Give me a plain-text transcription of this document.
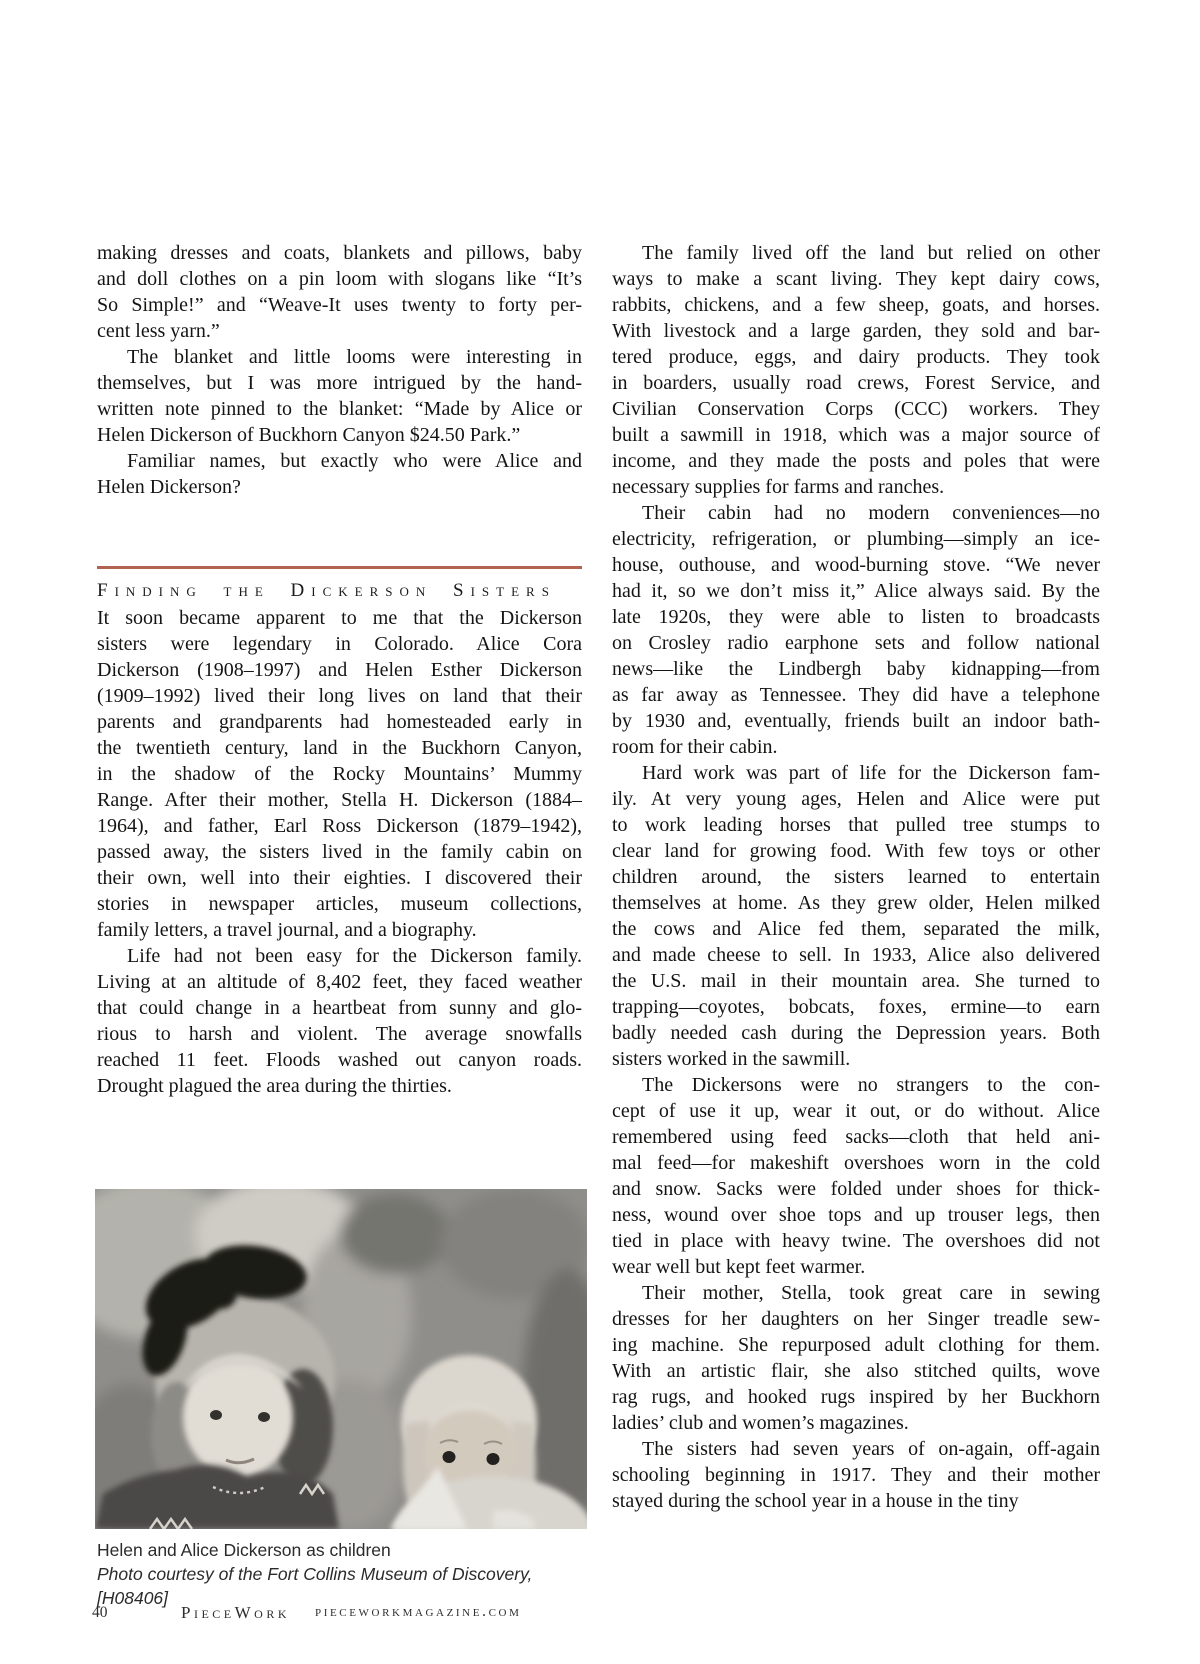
making dresses and coats, blankets and pillows, baby
and doll clothes on a pin loom with slogans like “It’s
So Simple!” and “Weave-It uses twenty to forty per-
cent less yarn.”
The blanket and little looms were interesting in
themselves, but I was more intrigued by the hand-
written note pinned to the blanket: “Made by Alice or
Helen Dickerson of Buckhorn Canyon $24.50 Park.”
Familiar names, but exactly who were Alice and
Helen Dickerson?
Finding the Dickerson Sisters
It soon became apparent to me that the Dickerson
sisters were legendary in Colorado. Alice Cora
Dickerson (1908–1997) and Helen Esther Dickerson
(1909–1992) lived their long lives on land that their
parents and grandparents had homesteaded early in
the twentieth century, land in the Buckhorn Canyon,
in the shadow of the Rocky Mountains’ Mummy
Range. After their mother, Stella H. Dickerson (1884–
1964), and father, Earl Ross Dickerson (1879–1942),
passed away, the sisters lived in the family cabin on
their own, well into their eighties. I discovered their
stories in newspaper articles, museum collections,
family letters, a travel journal, and a biography.
Life had not been easy for the Dickerson family.
Living at an altitude of 8,402 feet, they faced weather
that could change in a heartbeat from sunny and glo-
rious to harsh and violent. The average snowfalls
reached 11 feet. Floods washed out canyon roads.
Drought plagued the area during the thirties.
Helen and Alice Dickerson as children
Photo courtesy of the Fort Collins Museum of Discovery, [H08406]
The family lived off the land but relied on other
ways to make a scant living. They kept dairy cows,
rabbits, chickens, and a few sheep, goats, and horses.
With livestock and a large garden, they sold and bar-
tered produce, eggs, and dairy products. They took
in boarders, usually road crews, Forest Service, and
Civilian Conservation Corps (CCC) workers. They
built a sawmill in 1918, which was a major source of
income, and they made the posts and poles that were
necessary supplies for farms and ranches.
Their cabin had no modern conveniences—no
electricity, refrigeration, or plumbing—simply an ice-
house, outhouse, and wood-burning stove. “We never
had it, so we don’t miss it,” Alice always said. By the
late 1920s, they were able to listen to broadcasts
on Crosley radio earphone sets and follow national
news—like the Lindbergh baby kidnapping—from
as far away as Tennessee. They did have a telephone
by 1930 and, eventually, friends built an indoor bath-
room for their cabin.
Hard work was part of life for the Dickerson fam-
ily. At very young ages, Helen and Alice were put
to work leading horses that pulled tree stumps to
clear land for growing food. With few toys or other
children around, the sisters learned to entertain
themselves at home. As they grew older, Helen milked
the cows and Alice fed them, separated the milk,
and made cheese to sell. In 1933, Alice also delivered
the U.S. mail in their mountain area. She turned to
trapping—coyotes, bobcats, foxes, ermine—to earn
badly needed cash during the Depression years. Both
sisters worked in the sawmill.
The Dickersons were no strangers to the con-
cept of use it up, wear it out, or do without. Alice
remembered using feed sacks—cloth that held ani-
mal feed—for makeshift overshoes worn in the cold
and snow. Sacks were folded under shoes for thick-
ness, wound over shoe tops and up trouser legs, then
tied in place with heavy twine. The overshoes did not
wear well but kept feet warmer.
Their mother, Stella, took great care in sewing
dresses for her daughters on her Singer treadle sew-
ing machine. She repurposed adult clothing for them.
With an artistic flair, she also stitched quilts, wove
rag rugs, and hooked rugs inspired by her Buckhorn
ladies’ club and women’s magazines.
The sisters had seven years of on-again, off-again
schooling beginning in 1917. They and their mother
stayed during the school year in a house in the tiny
40	PieceWork pieceworkmagazine.com
